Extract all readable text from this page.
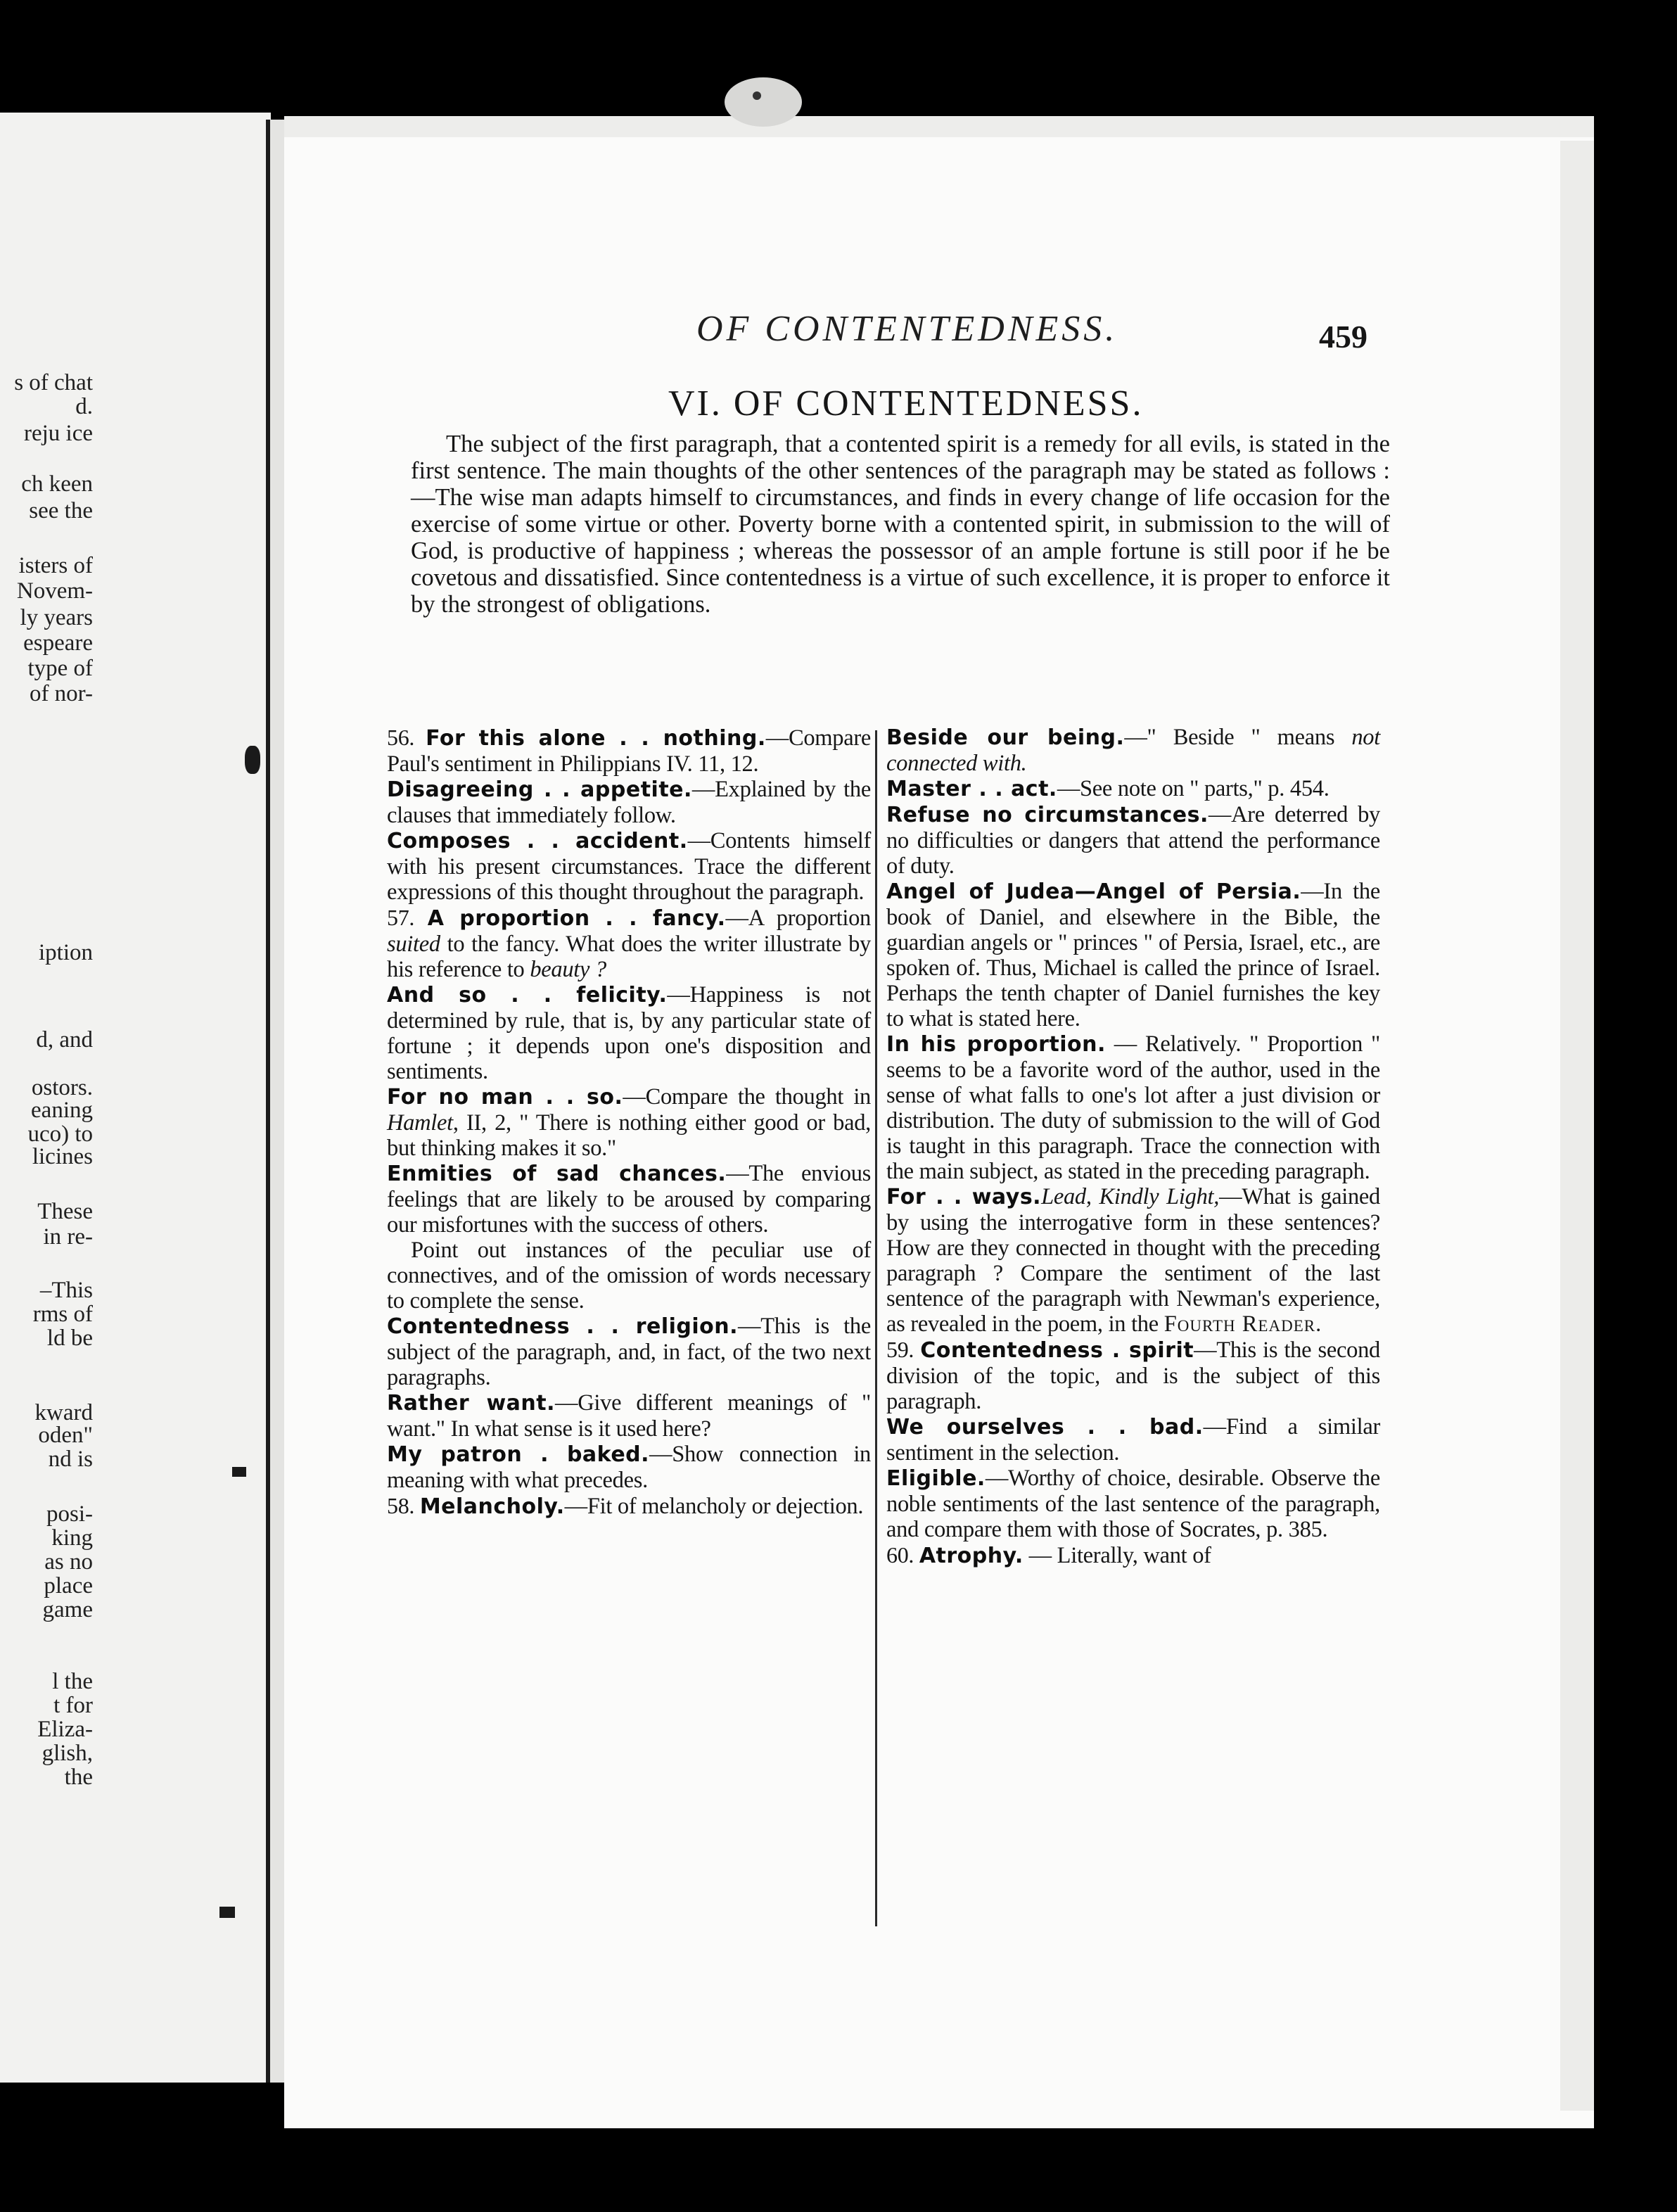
s of chat
d.
reju ice
ch keen
see the
isters of
Novem-
ly years
espeare
type of
of nor-
iption
d, and
ostors.
eaning
uco) to
licines
These
in re-
–This
rms of
ld be
kward
oden"
nd is
posi-
king
as no
place
game
l the
t for
Eliza-
glish,
the
OF CONTENTEDNESS.	459
VI. OF CONTENTEDNESS.

The subject of the first paragraph, that a contented spirit is a remedy for all evils, is stated in the first sentence. The main thoughts of the other sentences of the paragraph may be stated as follows :—The wise man adapts himself to circumstances, and finds in every change of life occasion for the exercise of some virtue or other. Poverty borne with a contented spirit, in submission to the will of God, is productive of happiness ; whereas the possessor of an ample fortune is still poor if he be covetous and dissatisfied. Since contentedness is a virtue of such excellence, it is proper to enforce it by the strongest of obligations.

56. For this alone . . nothing.—Compare Paul's sentiment in Philippians IV. 11, 12.

Disagreeing . . appetite.—Explained by the clauses that immediately follow.

Composes . . accident.—Contents himself with his present circumstances. Trace the different expressions of this thought throughout the paragraph.

57. A proportion . . fancy.—A proportion suited to the fancy. What does the writer illustrate by his reference to beauty ?

And so . . felicity.—Happiness is not determined by rule, that is, by any particular state of fortune ; it depends upon one's disposition and sentiments.

For no man . . so.—Compare the thought in Hamlet, II, 2, " There is nothing either good or bad, but thinking makes it so."

Enmities of sad chances.—The envious feelings that are likely to be aroused by comparing our misfortunes with the success of others.

Point out instances of the peculiar use of connectives, and of the omission of words necessary to complete the sense.

Contentedness . . religion.—This is the subject of the paragraph, and, in fact, of the two next paragraphs.

Rather want.—Give different meanings of " want." In what sense is it used here?

My patron . baked.—Show connection in meaning with what precedes.

58. Melancholy.—Fit of melancholy or dejection.

Beside our being.—" Beside " means not connected with.

Master . . act.—See note on " parts," p. 454.

Refuse no circumstances.—Are deterred by no difficulties or dangers that attend the performance of duty.

Angel of Judea—Angel of Persia.—In the book of Daniel, and elsewhere in the Bible, the guardian angels or " princes " of Persia, Israel, etc., are spoken of. Thus, Michael is called the prince of Israel. Perhaps the tenth chapter of Daniel furnishes the key to what is stated here.

In his proportion. — Relatively. " Proportion " seems to be a favorite word of the author, used in the sense of what falls to one's lot after a just division or distribution. The duty of submission to the will of God is taught in this paragraph. Trace the connection with the main subject, as stated in the preceding paragraph.

For . . ways.Lead, Kindly Light,—What is gained by using the interrogative form in these sentences? How are they connected in thought with the preceding paragraph ? Compare the sentiment of the last sentence of the paragraph with Newman's experience, as revealed in the poem, in the Fourth Reader.

59. Contentedness . spirit—This is the second division of the topic, and is the subject of this paragraph.

We ourselves . . bad.—Find a similar sentiment in the selection.

Eligible.—Worthy of choice, desirable. Observe the noble sentiments of the last sentence of the paragraph, and compare them with those of Socrates, p. 385.

60. Atrophy. — Literally, want of
